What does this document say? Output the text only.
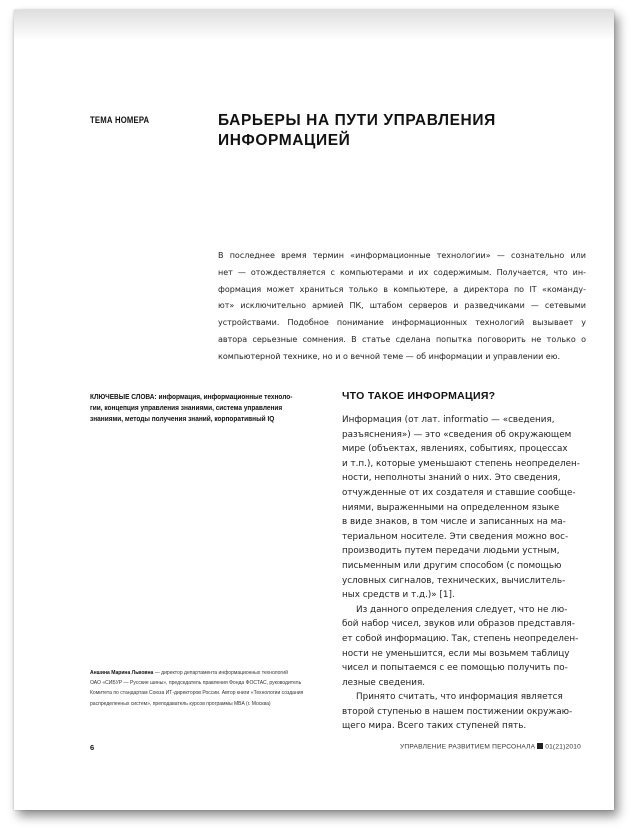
ТЕМА НОМЕРА	БАРЬЕРЫ НА ПУТИ УПРАВЛЕНИЯ
ИНФОРМАЦИЕЙ
В последнее время термин «информационные технологии» — сознательно или
нет — отождествляется с компьютерами и их содержимым. Получается, что ин-
формация может храниться только в компьютере, а директора по IT «команду-
ют» исключительно армией ПК, штабом серверов и разведчиками — сетевыми
устройствами. Подобное понимание информационных технологий вызывает у
автора серьезные сомнения. В статье сделана попытка поговорить не только о
компьютерной технике, но и о вечной теме — об информации и управлении ею.
КЛЮЧЕВЫЕ СЛОВА: информация, информационные техноло-
гии, концепция управления знаниями, система управления
знаниями, методы получения знаний, корпоративный IQ
ЧТО ТАКОЕ ИНФОРМАЦИЯ?
Информация (от лат. informatio — «сведения,
разъяснения») — это «сведения об окружающем
мире (объектах, явлениях, событиях, процессах
и т.п.), которые уменьшают степень неопределен-
ности, неполноты знаний о них. Это сведения,
отчужденные от их создателя и ставшие сообще-
ниями, выраженными на определенном языке
в виде знаков, в том числе и записанных на ма-
териальном носителе. Эти сведения можно вос-
производить путем передачи людьми устным,
письменным или другим способом (с помощью
условных сигналов, технических, вычислитель-
ных средств и т.д.)» [1].
Из данного определения следует, что не лю-
бой набор чисел, звуков или образов представля-
ет собой информацию. Так, степень неопределен-
ности не уменьшится, если мы возьмем таблицу
чисел и попытаемся с ее помощью получить по-
лезные сведения.
Принято считать, что информация является
второй ступенью в нашем постижении окружаю-
щего мира. Всего таких ступеней пять.
Аншина Марина Львовна — директор департамента информационных технологий
ОАО «СИБУР — Русские шины», председатель правления Фонда ФОСТАС, руководитель
Комитета по стандартам Союза ИТ-директоров России. Автор книги «Технологии создания
распределенных систем», преподаватель курсов программы MBA (г. Москва)
6	УПРАВЛЕНИЕ РАЗВИТИЕМ ПЕРСОНАЛА 01(21)2010
